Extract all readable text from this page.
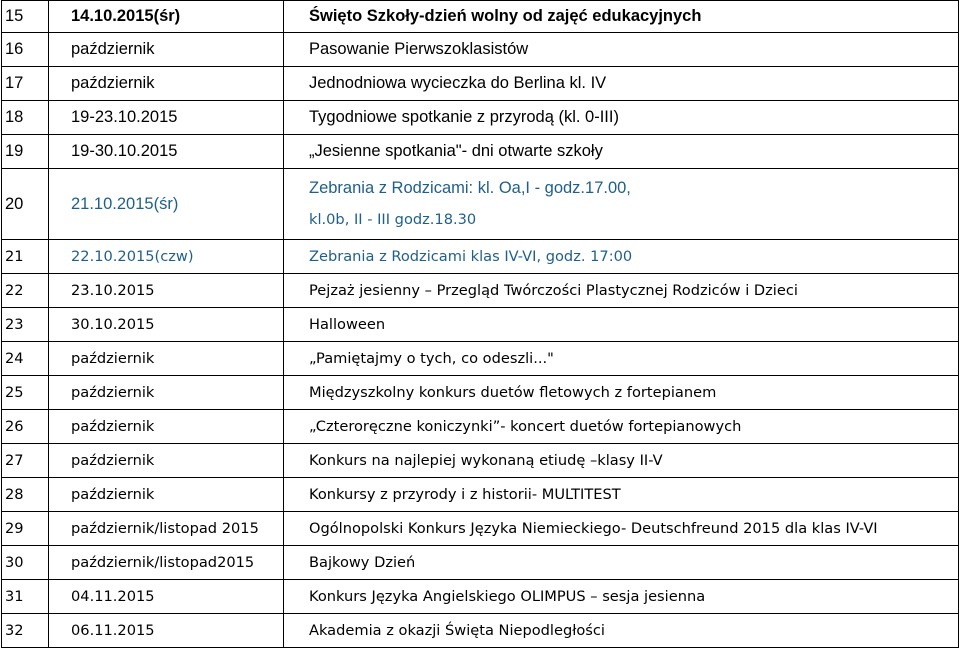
15	14.10.2015(śr)	Święto Szkoły-dzień wolny od zajęć edukacyjnych
16	październik	Pasowanie Pierwszoklasistów
17	październik	Jednodniowa wycieczka do Berlina kl. IV
18	19-23.10.2015	Tygodniowe spotkanie z przyrodą (kl. 0-III)
19	19-30.10.2015	„Jesienne spotkania"- dni otwarte szkoły
20	21.10.2015(śr)	Zebrania z Rodzicami: kl. Oa,I - godz.17.00,
kl.0b, II - III godz.18.30

21	22.10.2015(czw)	Zebrania z Rodzicami klas IV-VI, godz. 17:00
22	23.10.2015	Pejzaż jesienny – Przegląd Twórczości Plastycznej Rodziców i Dzieci
23	30.10.2015	Halloween
24	październik	„Pamiętajmy o tych, co odeszli..."
25	październik	Międzyszkolny konkurs duetów fletowych z fortepianem
26	październik	„Czteroręczne koniczynki”- koncert duetów fortepianowych
27	październik	Konkurs na najlepiej wykonaną etiudę –klasy II-V
28	październik	Konkursy z przyrody i z historii- MULTITEST
29	październik/listopad 2015	Ogólnopolski Konkurs Języka Niemieckiego- Deutschfreund 2015 dla klas IV-VI
30	październik/listopad2015	Bajkowy Dzień
31	04.11.2015	Konkurs Języka Angielskiego OLIMPUS – sesja jesienna
32	06.11.2015	Akademia z okazji Święta Niepodległości
